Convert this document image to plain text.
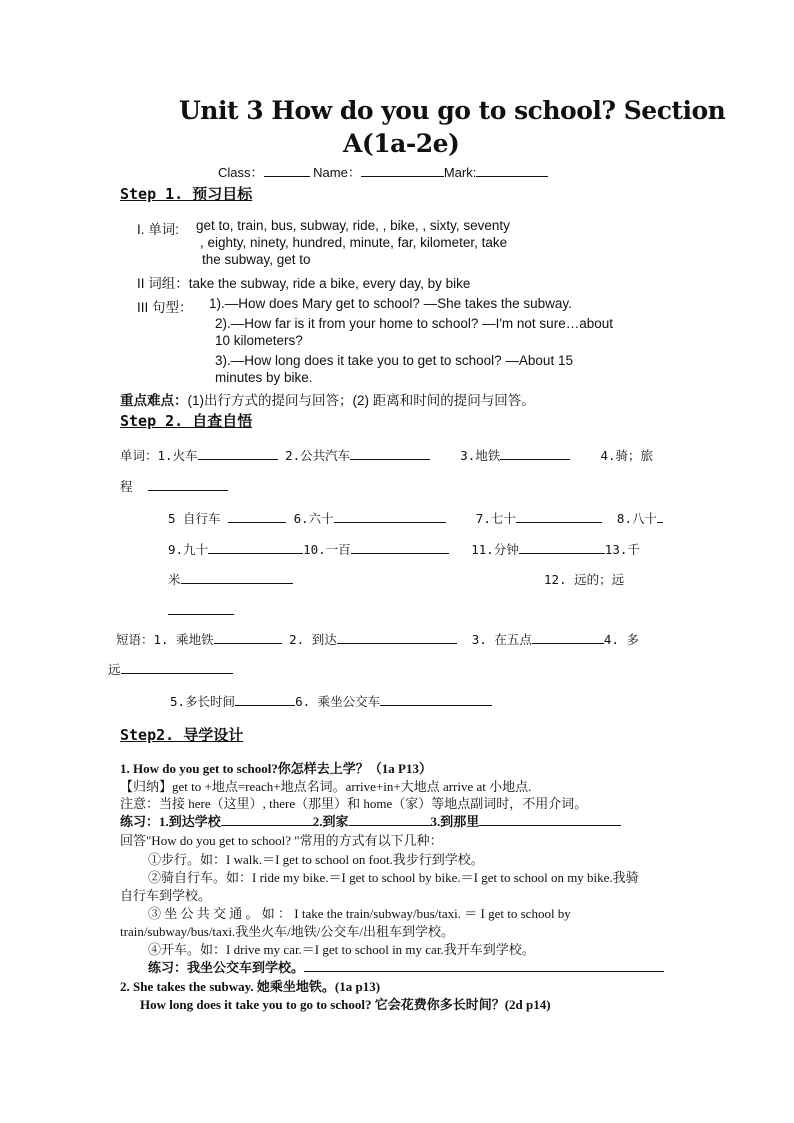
Unit 3 How do you go to school? Section
A(1a-2e)
Class：	Name：	Mark:
Step 1. 预习目标
I. 单词: get to, train, bus, subway, ride, , bike, , sixty, seventy
, eighty, ninety, hundred, minute, far, kilometer, take
the subway, get to
II 词组：take the subway, ride a bike, every day, by bike
III 句型： 1).—How does Mary get to school? —She takes the subway.
2).—How far is it from your home to school? —I'm not sure…about
10 kilometers?
3).—How long does it take you to get to school? —About 15
minutes by bike.
重点难点：(1)出行方式的提问与回答；(2) 距离和时间的提问与回答。
Step 2. 自查自悟
单词：1.火车	2.公共汽车	3.地铁	4.骑；旅
程
5 自行车	6.六十	7.七十	8.八十
9.九十	10.一百	11.分钟	13.千
米	12. 远的；远
短语：1. 乘地铁	2. 到达	3. 在五点	4. 多
远
5.多长时间	6. 乘坐公交车
Step2. 导学设计
1. How do you get to school?你怎样去上学？（1a P13）
【归纳】get to +地点=reach+地点名词。arrive+in+大地点 arrive at 小地点.
注意：当接 here（这里）, there（那里）和 home（家）等地点副词时，不用介词。
练习：1.到达学校	2.到家	3.到那里
回答"How do you get to school? "常用的方式有以下几种：
①步行。如：I walk.＝I get to school on foot.我步行到学校。
②骑自行车。如：I ride my bike.＝I get to school by bike.＝I get to school on my bike.我骑
自行车到学校。
③ 坐 公 共 交 通 。 如 ： I take the train/subway/bus/taxi. ＝ I get to school by
train/subway/bus/taxi.我坐火车/地铁/公交车/出租车到学校。
④开车。如：I drive my car.＝I get to school in my car.我开车到学校。
练习：我坐公交车到学校。
2. She takes the subway. 她乘坐地铁。(1a p13)
How long does it take you to go to school? 它会花费你多长时间？(2d p14)
